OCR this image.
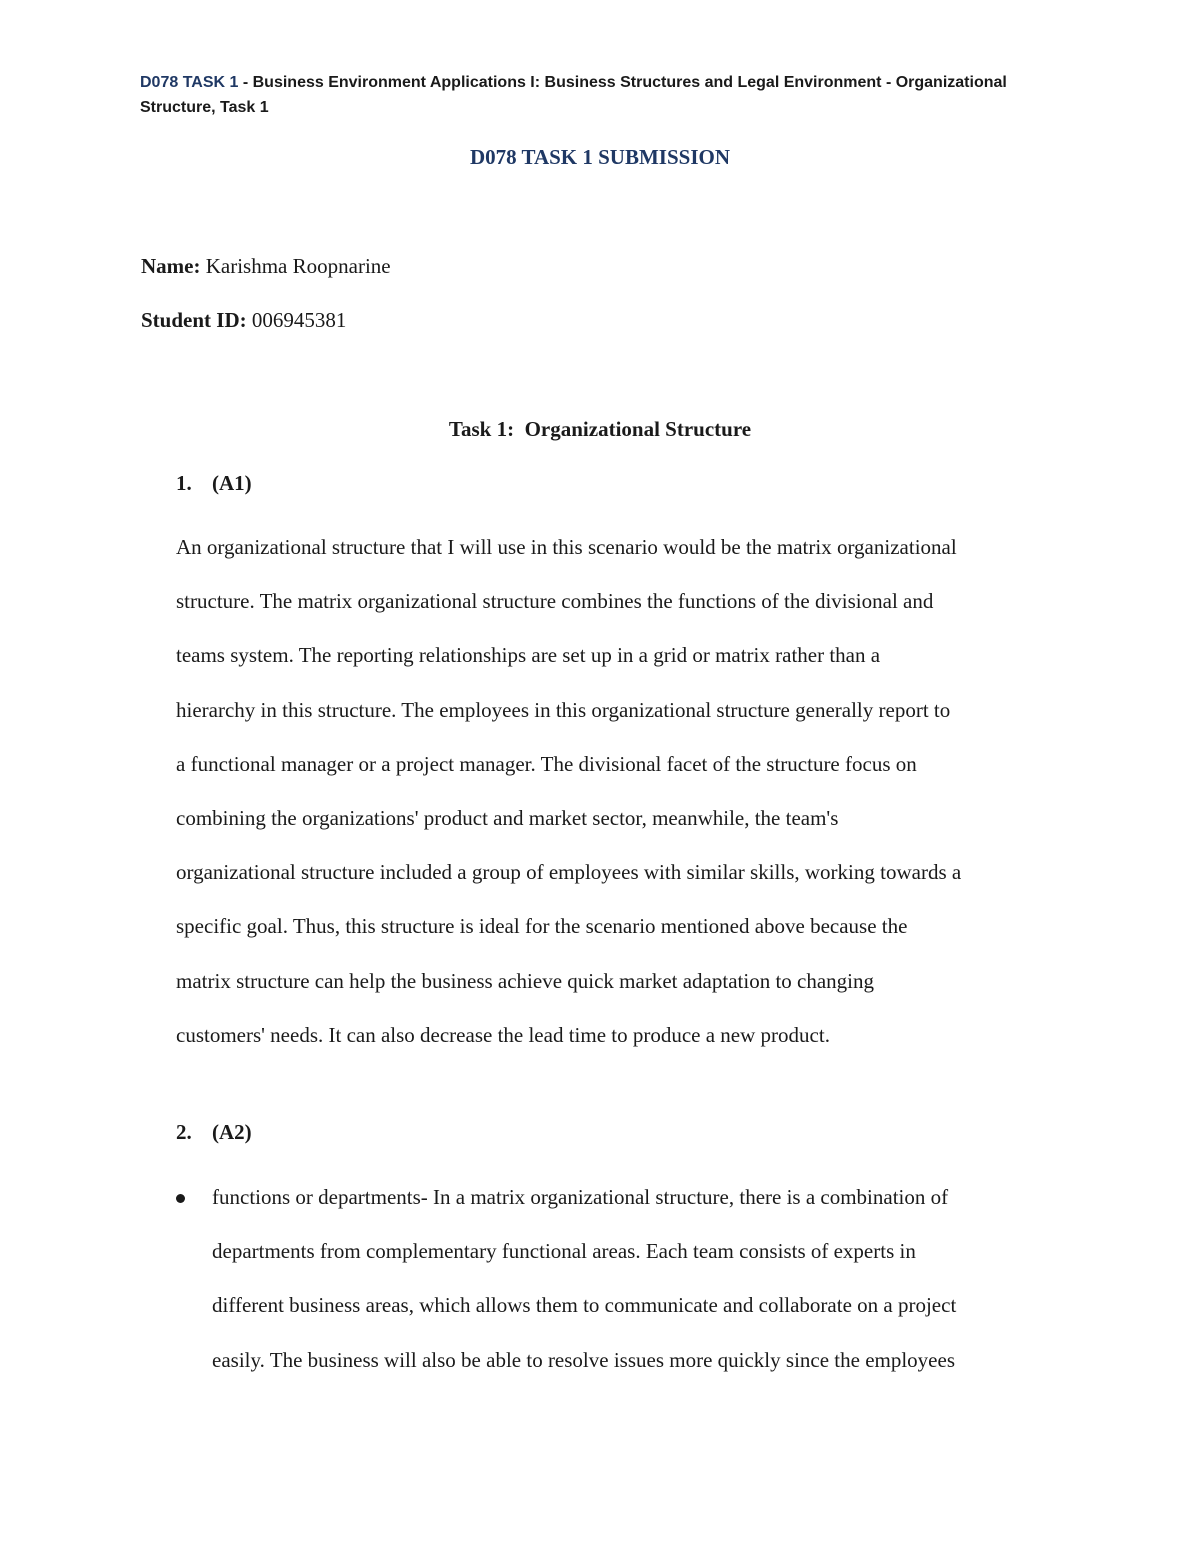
D078 TASK 1 - Business Environment Applications I: Business Structures and Legal Environment - Organizational Structure, Task 1
D078 TASK 1 SUBMISSION
Name: Karishma Roopnarine
Student ID: 006945381
Task 1:  Organizational Structure
1. (A1)
An organizational structure that I will use in this scenario would be the matrix organizational
structure. The matrix organizational structure combines the functions of the divisional and
teams system. The reporting relationships are set up in a grid or matrix rather than a
hierarchy in this structure. The employees in this organizational structure generally report to
a functional manager or a project manager. The divisional facet of the structure focus on
combining the organizations' product and market sector, meanwhile, the team's
organizational structure included a group of employees with similar skills, working towards a
specific goal. Thus, this structure is ideal for the scenario mentioned above because the
matrix structure can help the business achieve quick market adaptation to changing
customers' needs. It can also decrease the lead time to produce a new product.
2. (A2)
functions or departments- In a matrix organizational structure, there is a combination of
departments from complementary functional areas. Each team consists of experts in
different business areas, which allows them to communicate and collaborate on a project
easily. The business will also be able to resolve issues more quickly since the employees
